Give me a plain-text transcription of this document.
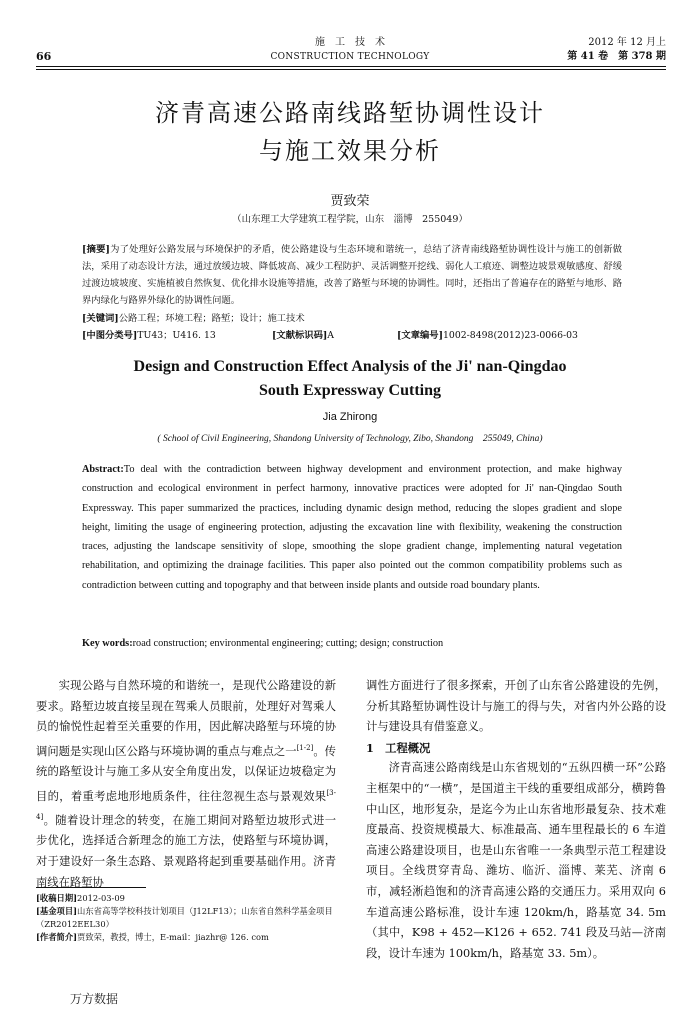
66
施　工　技　术
CONSTRUCTION TECHNOLOGY
2012 年 12 月上
第 41 卷　第 378 期
济青高速公路南线路堑协调性设计
与施工效果分析
贾致荣
（山东理工大学建筑工程学院，山东　淄博　255049）
[摘要]为了处理好公路发展与环境保护的矛盾，使公路建设与生态环境和谐统一，总结了济青南线路堑协调性设计与施工的创新做法，采用了动态设计方法，通过放缓边坡、降低坡高、减少工程防护、灵活调整开挖线、弱化人工痕迹、调整边坡景观敏感度、舒缓过渡边坡坡度、实施植被自然恢复、优化排水设施等措施，改善了路堑与环境的协调性。同时，还指出了普遍存在的路堑与地形、路界内绿化与路界外绿化的协调性问题。
[关键词]公路工程；环境工程；路堑；设计；施工技术
[中图分类号]TU43；U416. 13	[文献标识码]A	[文章编号]1002-8498(2012)23-0066-03
Design and Construction Effect Analysis of the Ji' nan-Qingdao
South Expressway Cutting
Jia Zhirong
( School of Civil Engineering, Shandong University of Technology, Zibo, Shandong　255049, China)
Abstract:To deal with the contradiction between highway development and environment protection, and make highway construction and ecological environment in perfect harmony, innovative practices were adopted for Ji' nan-Qingdao South Expressway. This paper summarized the practices, including dynamic design method, reducing the slopes gradient and slope height, limiting the usage of engineering protection, adjusting the excavation line with flexibility, weakening the construction traces, adjusting the landscape sensitivity of slope, smoothing the slope gradient change, implementing natural vegetation rehabilitation, and optimizing the drainage facilities. This paper also pointed out the common compatibility problems such as contradiction between cutting and topography and that between inside plants and outside road boundary plants.
Key words:road construction; environmental engineering; cutting; design; construction

实现公路与自然环境的和谐统一，是现代公路建设的新要求。路堑边坡直接呈现在驾乘人员眼前，处理好对驾乘人员的愉悦性起着至关重要的作用，因此解决路堑与环境的协调问题是实现山区公路与环境协调的重点与难点之一[1-2]。传统的路堑设计与施工多从安全角度出发，以保证边坡稳定为目的，着重考虑地形地质条件，往往忽视生态与景观效果[3-4]。随着设计理念的转变，在施工期间对路堑边坡形式进一步优化，选择适合新理念的施工方法，使路堑与环境协调，对于建设好一条生态路、景观路将起到重要基础作用。济青南线在路堑协

调性方面进行了很多探索，开创了山东省公路建设的先例，分析其路堑协调性设计与施工的得与失，对省内外公路的设计与建设具有借鉴意义。

1　工程概况

济青高速公路南线是山东省规划的“五纵四横一环”公路主框架中的“一横”，是国道主干线的重要组成部分，横跨鲁中山区，地形复杂，是迄今为止山东省地形最复杂、技术难度最高、投资规模最大、标准最高、通车里程最长的 6 车道高速公路建设项目，也是山东省唯一一条典型示范工程建设项目。全线贯穿青岛、潍坊、临沂、淄博、莱芜、济南 6 市，减轻淅趋饱和的济青高速公路的交通压力。采用双向 6 车道高速公路标准，设计车速 120km/h，路基宽 34. 5m（其中，K98 + 452—K126 + 652. 741 段及马站—济南段，设计车速为 100km/h，路基宽 33. 5m）。

[收稿日期]2012-03-09
[基金项目]山东省高等学校科技计划项目（J12LF13）；山东省自然科学基金项目（ZR2012EEL30）
[作者简介]贾致荣，教授，博士，E-mail：jiazhr@ 126. com
万方数据
